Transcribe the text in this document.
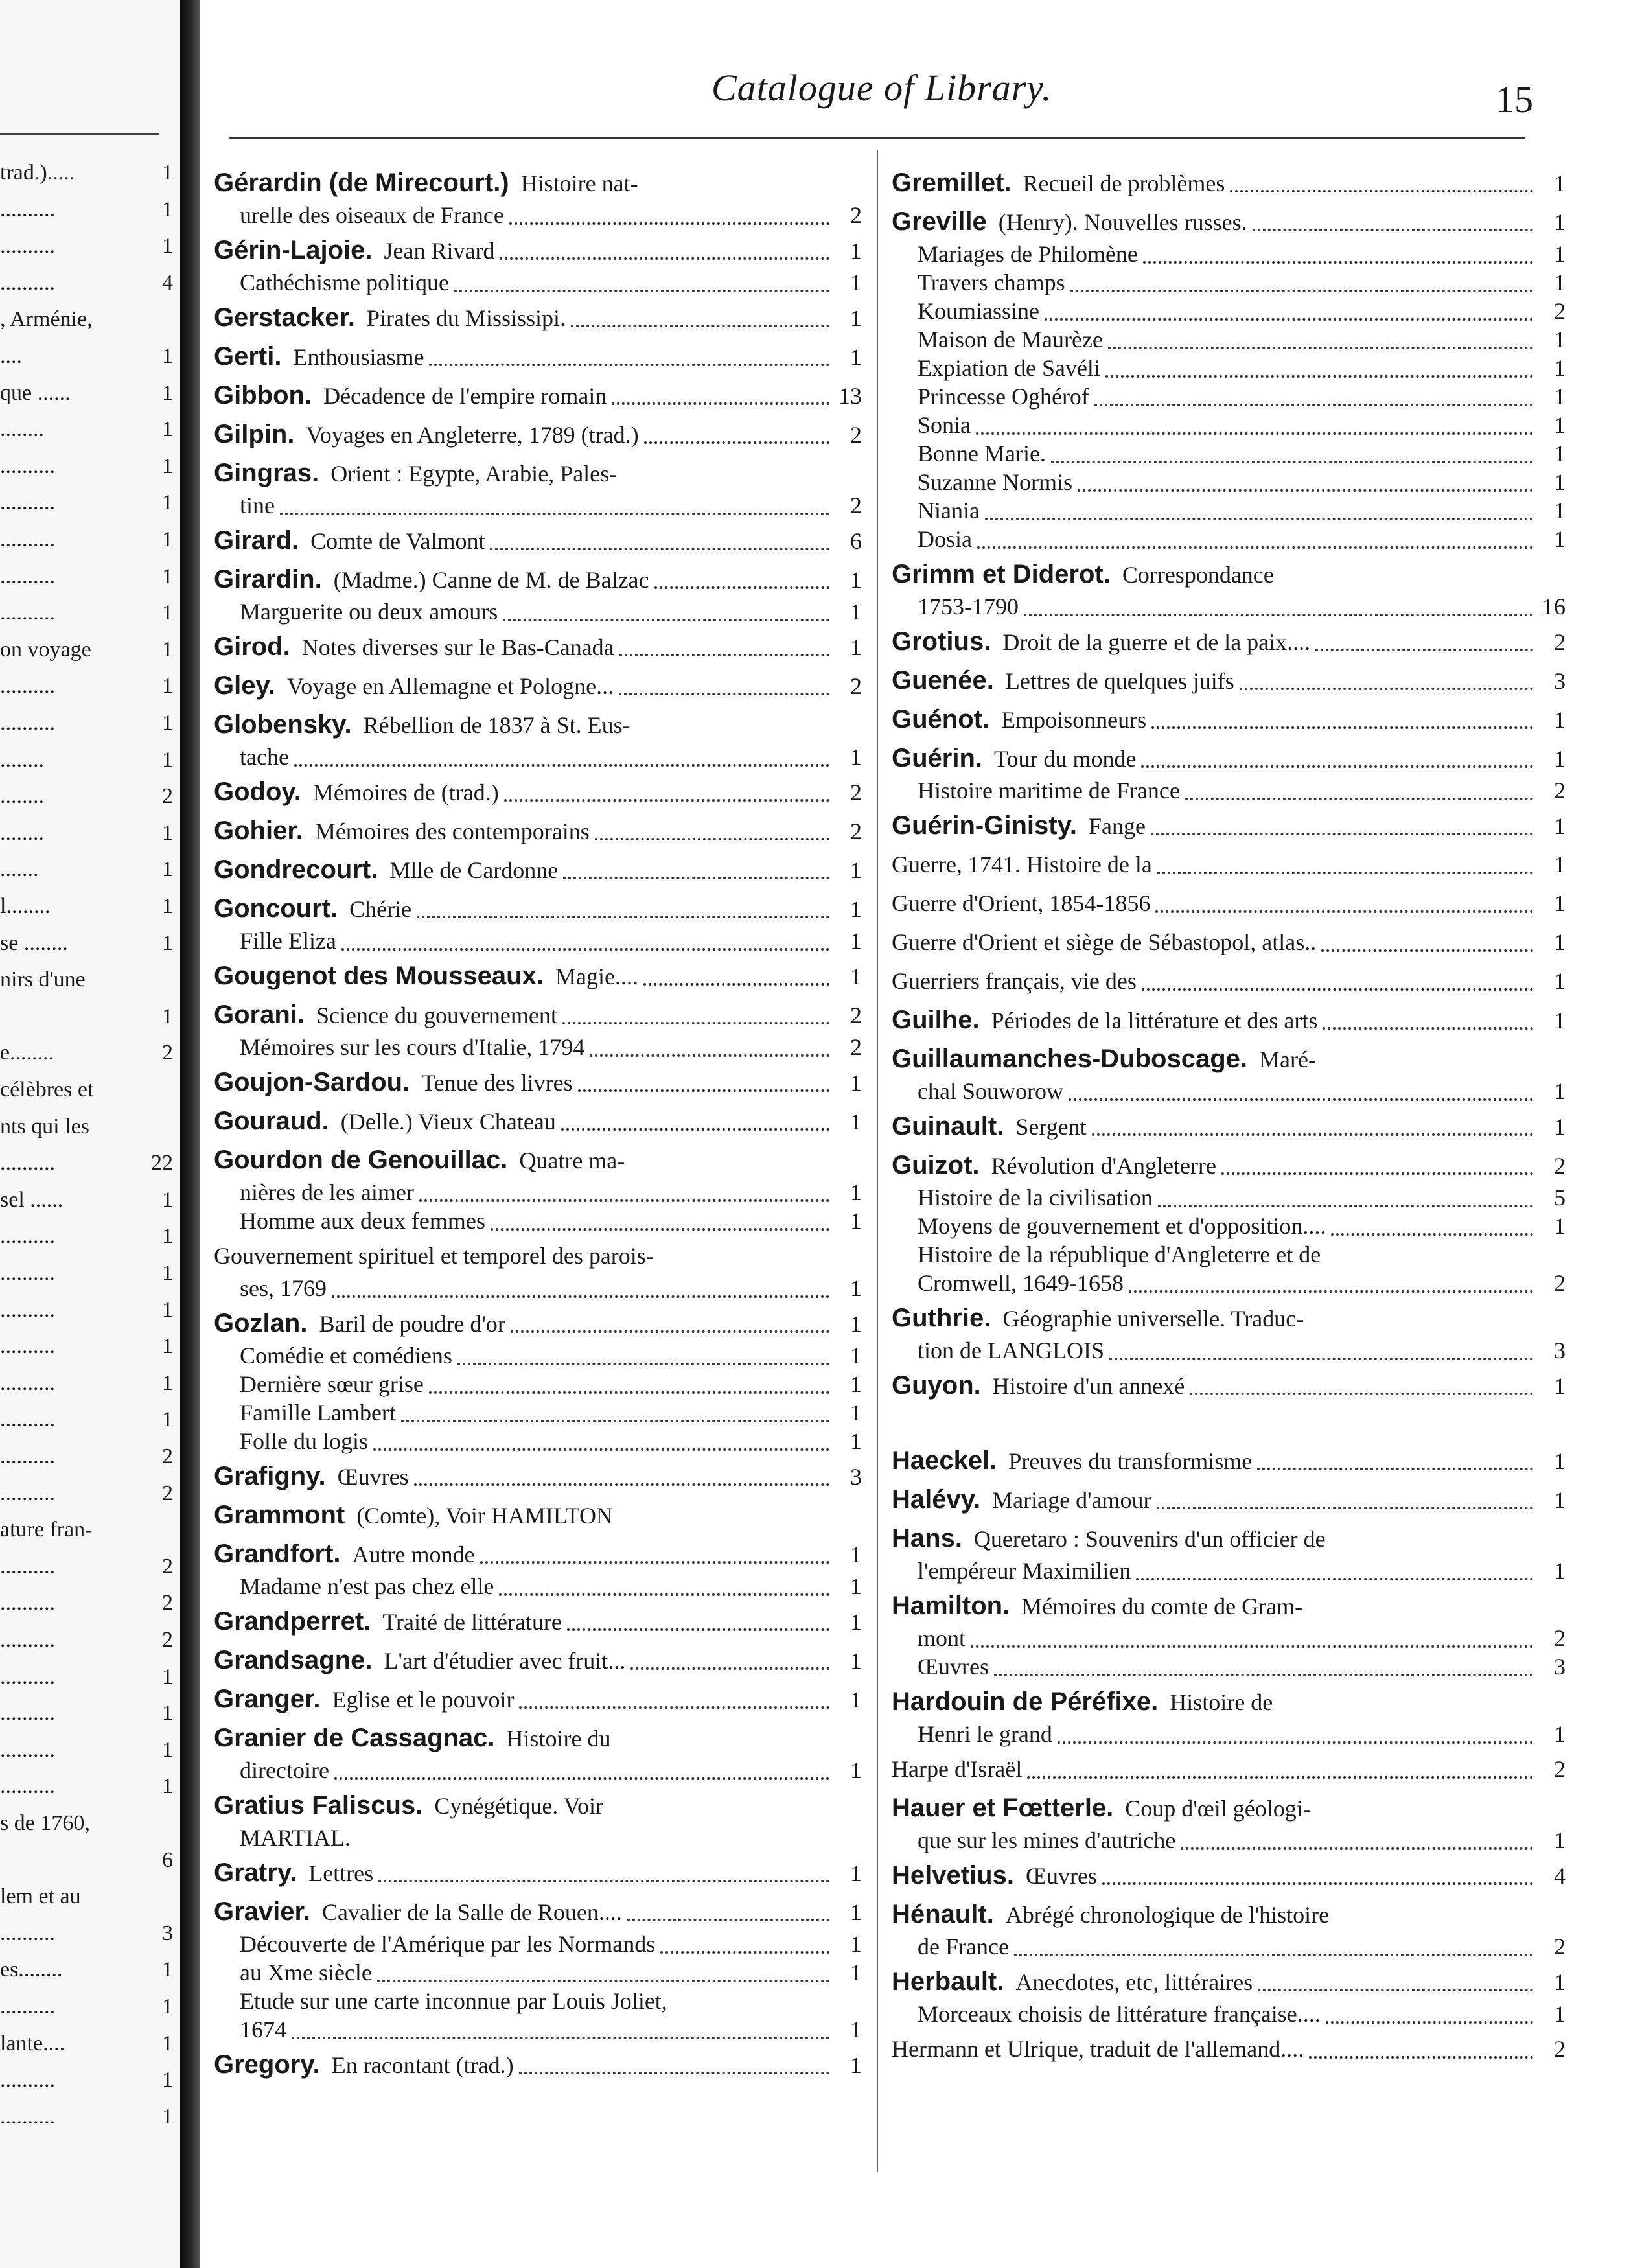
trad.).....	1
..........	1
..........	1
..........	4
, Arménie,
....	1
que ......	1
........	1
..........	1
..........	1
..........	1
..........	1
..........	1
on voyage	1
..........	1
..........	1
........	1
........	2
........	1
.......	1
l........	1
se ........	1
nirs d'une
1
e........	2
célèbres et
nts qui les
..........	22
sel ......	1
..........	1
..........	1
..........	1
..........	1
..........	1
..........	1
..........	2
..........	2
ature fran-
..........	2
..........	2
..........	2
..........	1
..........	1
..........	1
..........	1
s de 1760,
6
lem et au
..........	3
es........	1
..........	1
lante....	1
..........	1
..........	1
Catalogue of Library.	15
Gérardin (de Mirecourt.) Histoire nat-
urelle des oiseaux de France	2
Gérin-Lajoie. Jean Rivard	1
Cathéchisme politique	1
Gerstacker. Pirates du Mississipi.	1
Gerti. Enthousiasme	1
Gibbon. Décadence de l'empire romain	13
Gilpin. Voyages en Angleterre, 1789 (trad.)	2
Gingras. Orient : Egypte, Arabie, Pales-
tine	2
Girard. Comte de Valmont	6
Girardin. (Madme.) Canne de M. de Balzac	1
Marguerite ou deux amours	1
Girod. Notes diverses sur le Bas-Canada	1
Gley. Voyage en Allemagne et Pologne...	2
Globensky. Rébellion de 1837 à St. Eus-
tache	1
Godoy. Mémoires de (trad.)	2
Gohier. Mémoires des contemporains	2
Gondrecourt. Mlle de Cardonne	1
Goncourt. Chérie	1
Fille Eliza	1
Gougenot des Mousseaux. Magie....	1
Gorani. Science du gouvernement	2
Mémoires sur les cours d'Italie, 1794	2
Goujon-Sardou. Tenue des livres	1
Gouraud. (Delle.) Vieux Chateau	1
Gourdon de Genouillac. Quatre ma-
nières de les aimer	1
Homme aux deux femmes	1
Gouvernement spirituel et temporel des parois-
ses, 1769	1
Gozlan. Baril de poudre d'or	1
Comédie et comédiens	1
Dernière sœur grise	1
Famille Lambert	1
Folle du logis	1
Grafigny. Œuvres	3
Grammont (Comte), Voir HAMILTON
Grandfort. Autre monde	1
Madame n'est pas chez elle	1
Grandperret. Traité de littérature	1
Grandsagne. L'art d'étudier avec fruit...	1
Granger. Eglise et le pouvoir	1
Granier de Cassagnac. Histoire du
directoire	1
Gratius Faliscus. Cynégétique. Voir
MARTIAL.
Gratry. Lettres	1
Gravier. Cavalier de la Salle de Rouen....	1
Découverte de l'Amérique par les Normands	1
au Xme siècle	1
Etude sur une carte inconnue par Louis Joliet,
1674	1
Gregory. En racontant (trad.)	1
Gremillet. Recueil de problèmes	1
Greville (Henry). Nouvelles russes.	1
Mariages de Philomène	1
Travers champs	1
Koumiassine	2
Maison de Maurèze	1
Expiation de Savéli	1
Princesse Oghérof	1
Sonia	1
Bonne Marie.	1
Suzanne Normis	1
Niania	1
Dosia	1
Grimm et Diderot. Correspondance
1753-1790	16
Grotius. Droit de la guerre et de la paix....	2
Guenée. Lettres de quelques juifs	3
Guénot. Empoisonneurs	1
Guérin. Tour du monde	1
Histoire maritime de France	2
Guérin-Ginisty. Fange	1
Guerre, 1741. Histoire de la	1
Guerre d'Orient, 1854-1856	1
Guerre d'Orient et siège de Sébastopol, atlas..	1
Guerriers français, vie des	1
Guilhe. Périodes de la littérature et des arts	1
Guillaumanches-Duboscage. Maré-
chal Souworow	1
Guinault. Sergent	1
Guizot. Révolution d'Angleterre	2
Histoire de la civilisation	5
Moyens de gouvernement et d'opposition....	1
Histoire de la république d'Angleterre et de
Cromwell, 1649-1658	2
Guthrie. Géographie universelle. Traduc-
tion de LANGLOIS	3
Guyon. Histoire d'un annexé	1
Haeckel. Preuves du transformisme	1
Halévy. Mariage d'amour	1
Hans. Queretaro : Souvenirs d'un officier de
l'empéreur Maximilien	1
Hamilton. Mémoires du comte de Gram-
mont	2
Œuvres	3
Hardouin de Péréfixe. Histoire de
Henri le grand	1
Harpe d'Israël	2
Hauer et Fœtterle. Coup d'œil géologi-
que sur les mines d'autriche	1
Helvetius. Œuvres	4
Hénault. Abrégé chronologique de l'histoire
de France	2
Herbault. Anecdotes, etc, littéraires	1
Morceaux choisis de littérature française....	1
Hermann et Ulrique, traduit de l'allemand....	2
